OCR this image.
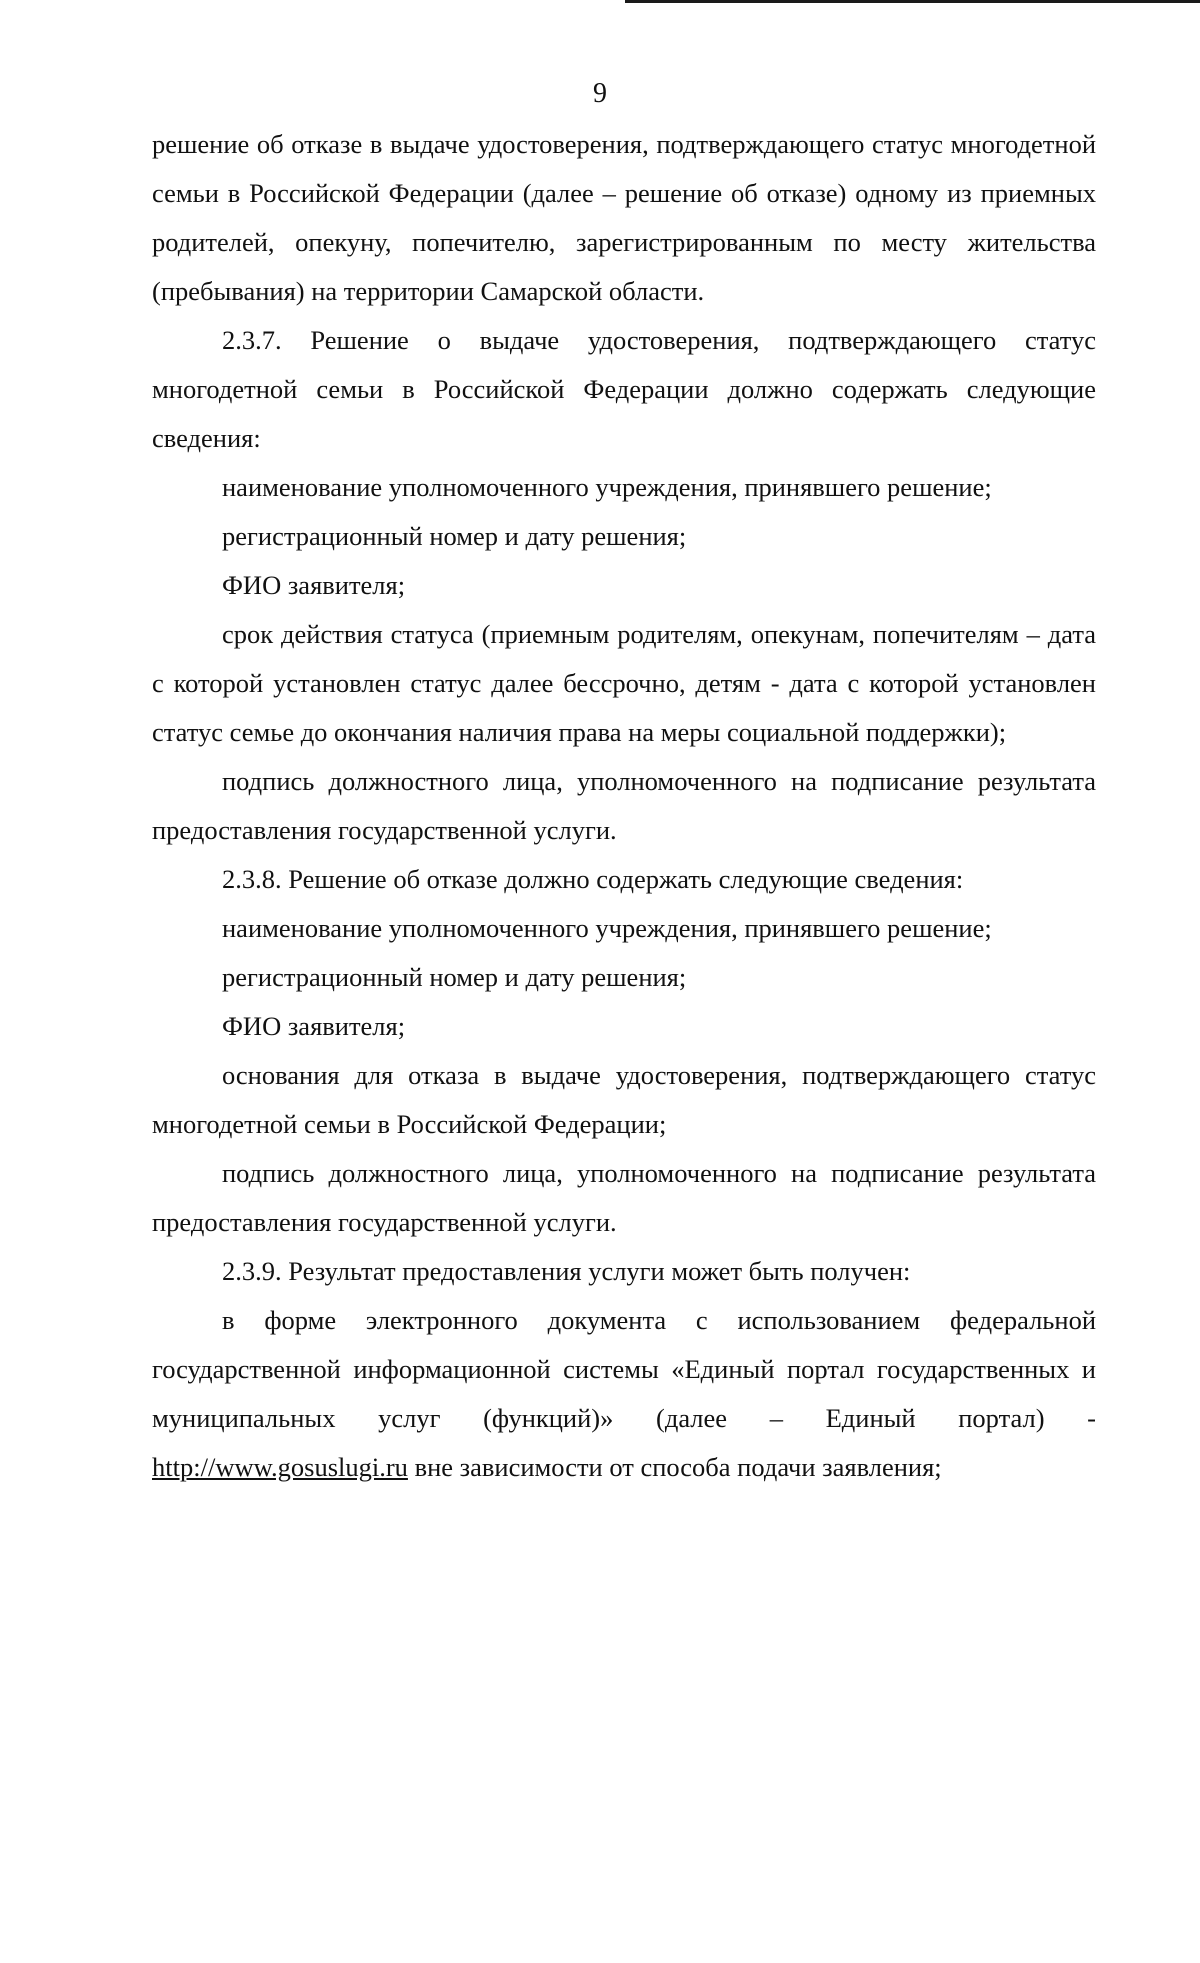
9

решение об отказе в выдаче удостоверения, подтверждающего статус многодетной семьи в Российской Федерации (далее – решение об отказе) одному из приемных родителей, опекуну, попечителю, зарегистрированным по месту жительства (пребывания) на территории Самарской области.

2.3.7. Решение о выдаче удостоверения, подтверждающего статус многодетной семьи в Российской Федерации должно содержать следующие сведения:

наименование уполномоченного учреждения, принявшего решение;

регистрационный номер и дату решения;

ФИО заявителя;

срок действия статуса (приемным родителям, опекунам, попечителям – дата с которой установлен статус далее бессрочно, детям - дата с которой установлен статус семье до окончания наличия права на меры социальной поддержки);

подпись должностного лица, уполномоченного на подписание результата предоставления государственной услуги.

2.3.8. Решение об отказе должно содержать следующие сведения:

наименование уполномоченного учреждения, принявшего решение;

регистрационный номер и дату решения;

ФИО заявителя;

основания для отказа в выдаче удостоверения, подтверждающего статус многодетной семьи в Российской Федерации;

подпись должностного лица, уполномоченного на подписание результата предоставления государственной услуги.

2.3.9. Результат предоставления услуги может быть получен:

в форме электронного документа с использованием федеральной государственной информационной системы «Единый портал государственных и муниципальных услуг (функций)» (далее – Единый портал) -

http://www.gosuslugi.ru вне зависимости от способа подачи заявления;
